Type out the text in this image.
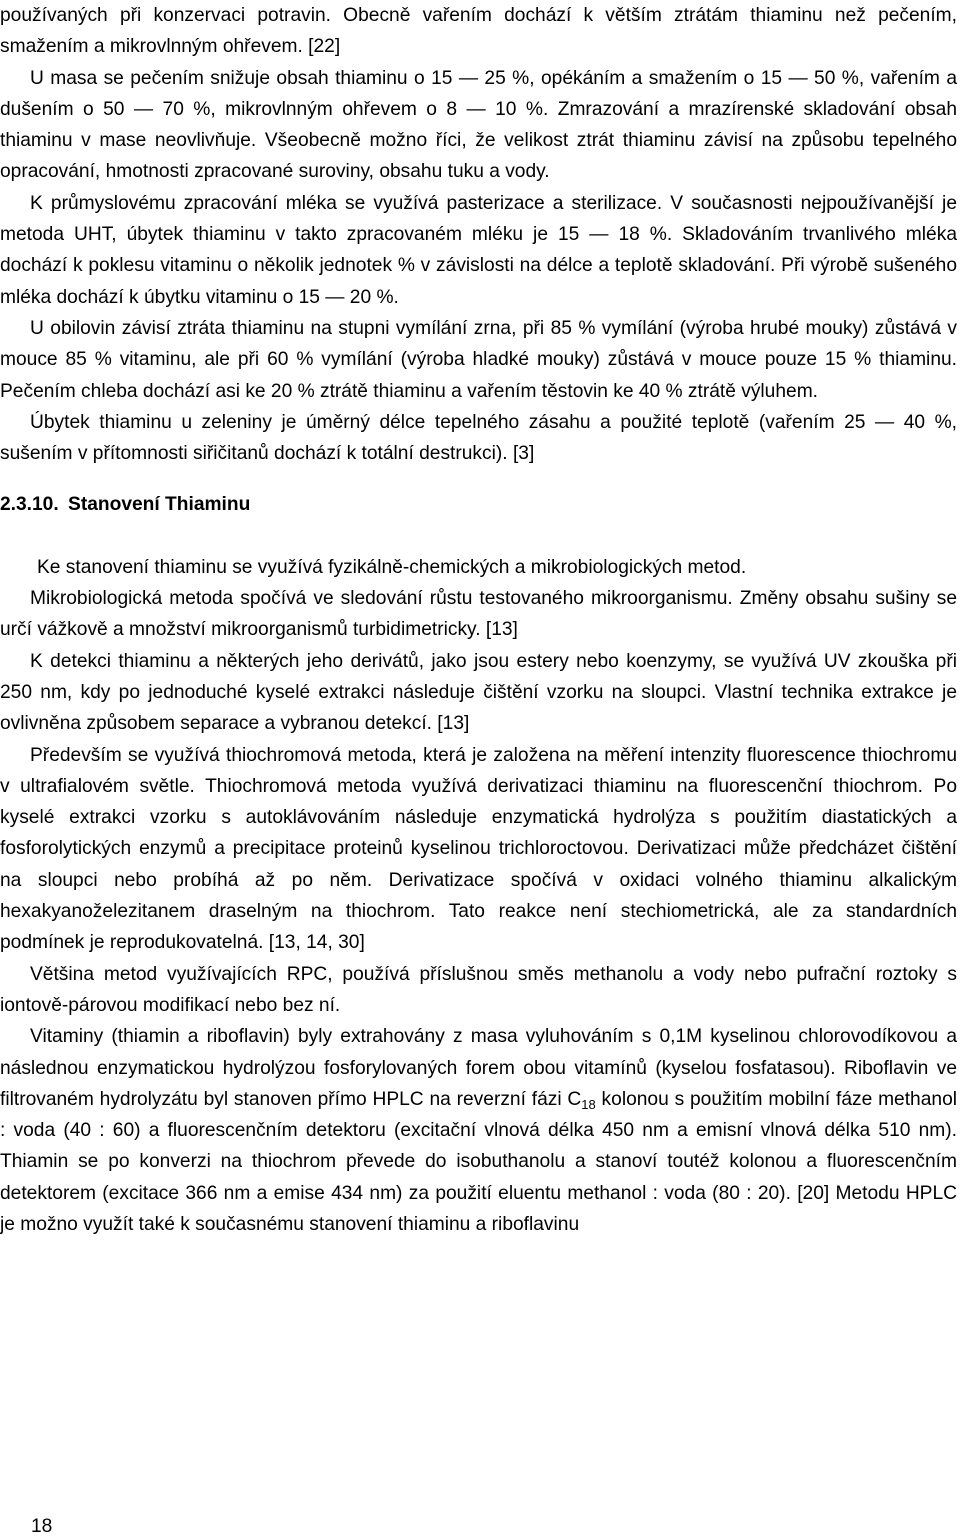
používaných při konzervaci potravin. Obecně vařením dochází k větším ztrátám thiaminu než pečením, smažením a mikrovlnným ohřevem. [22]

U masa se pečením snižuje obsah thiaminu o 15 — 25 %, opékáním a smažením o 15 — 50 %, vařením a dušením o 50 — 70 %, mikrovlnným ohřevem o 8 — 10 %. Zmrazování a mrazírenské skladování obsah thiaminu v mase neovlivňuje. Všeobecně možno říci, že velikost ztrát thiaminu závisí na způsobu tepelného opracování, hmotnosti zpracované suroviny, obsahu tuku a vody.

K průmyslovému zpracování mléka se využívá pasterizace a sterilizace. V současnosti nejpoužívanější je metoda UHT, úbytek thiaminu v takto zpracovaném mléku je 15 — 18 %. Skladováním trvanlivého mléka dochází k poklesu vitaminu o několik jednotek % v závislosti na délce a teplotě skladování. Při výrobě sušeného mléka dochází k úbytku vitaminu o 15 — 20 %.

U obilovin závisí ztráta thiaminu na stupni vymílání zrna, při 85 % vymílání (výroba hrubé mouky) zůstává v mouce 85 % vitaminu, ale při 60 % vymílání (výroba hladké mouky) zůstává v mouce pouze 15 % thiaminu. Pečením chleba dochází asi ke 20 % ztrátě thiaminu a vařením těstovin ke 40 % ztrátě výluhem.

Úbytek thiaminu u zeleniny je úměrný délce tepelného zásahu a použité teplotě (vařením 25 — 40 %, sušením v přítomnosti siřičitanů dochází k totální destrukci). [3]

2.3.10. Stanovení Thiaminu

Ke stanovení thiaminu se využívá fyzikálně-chemických a mikrobiologických metod.

Mikrobiologická metoda spočívá ve sledování růstu testovaného mikroorganismu. Změny obsahu sušiny se určí vážkově a množství mikroorganismů turbidimetricky. [13]

K detekci thiaminu a některých jeho derivátů, jako jsou estery nebo koenzymy, se využívá UV zkouška při 250 nm, kdy po jednoduché kyselé extrakci následuje čištění vzorku na sloupci. Vlastní technika extrakce je ovlivněna způsobem separace a vybranou detekcí. [13]

Především se využívá thiochromová metoda, která je založena na měření intenzity fluorescence thiochromu v ultrafialovém světle. Thiochromová metoda využívá derivatizaci thiaminu na fluorescenční thiochrom. Po kyselé extrakci vzorku s autoklávováním následuje enzymatická hydrolýza s použitím diastatických a fosforolytických enzymů a precipitace proteinů kyselinou trichloroctovou. Derivatizaci může předcházet čištění na sloupci nebo probíhá až po něm. Derivatizace spočívá v oxidaci volného thiaminu alkalickým hexakyanoželezitanem draselným na thiochrom. Tato reakce není stechiometrická, ale za standardních podmínek je reprodukovatelná. [13, 14, 30]

Většina metod využívajících RPC, používá příslušnou směs methanolu a vody nebo pufrační roztoky s iontově-párovou modifikací nebo bez ní.

Vitaminy (thiamin a riboflavin) byly extrahovány z masa vyluhováním s 0,1M kyselinou chlorovodíkovou a následnou enzymatickou hydrolýzou fosforylovaných forem obou vitamínů (kyselou fosfatasou). Riboflavin ve filtrovaném hydrolyzátu byl stanoven přímo HPLC na reverzní fázi $C_{18}$ kolonou s použitím mobilní fáze methanol : voda (40 : 60) a fluorescenčním detektoru (excitační vlnová délka 450 nm a emisní vlnová délka 510 nm). Thiamin se po konverzi na thiochrom převede do isobuthanolu a stanoví toutéž kolonou a fluorescenčním detektorem (excitace 366 nm a emise 434 nm) za použití eluentu methanol : voda (80 : 20). [20] Metodu HPLC je možno využít také k současnému stanovení thiaminu a riboflavinu

18
